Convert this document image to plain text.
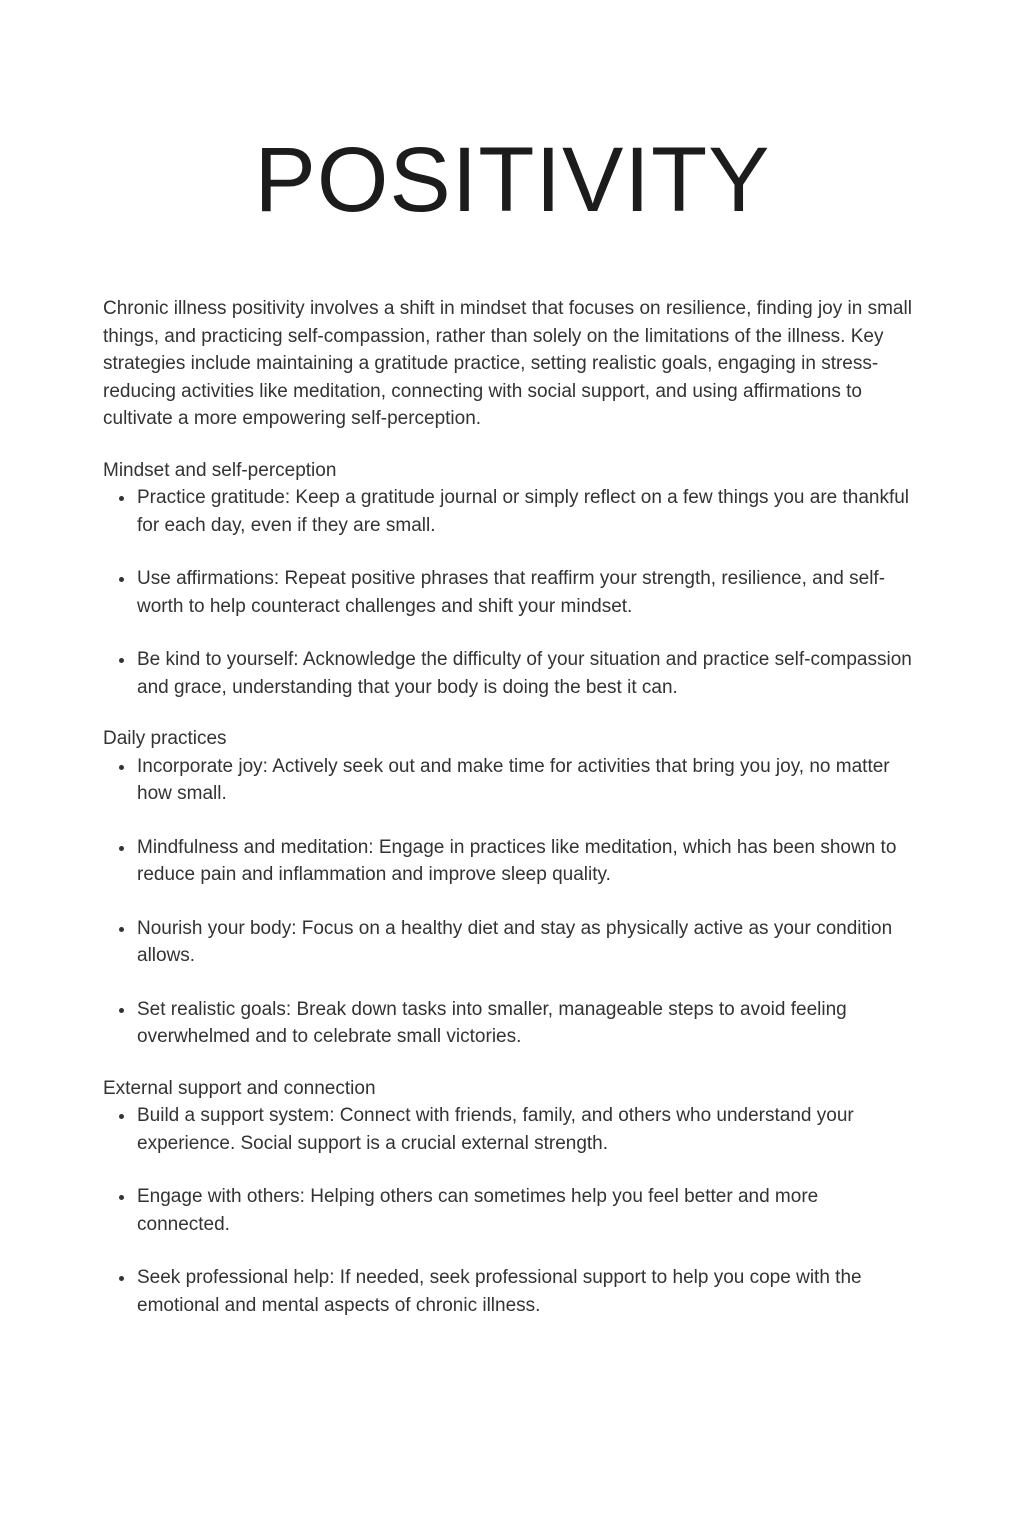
POSITIVITY

Chronic illness positivity involves a shift in mindset that focuses on resilience, finding joy in small things, and practicing self-compassion, rather than solely on the limitations of the illness. Key strategies include maintaining a gratitude practice, setting realistic goals, engaging in stress-reducing activities like meditation, connecting with social support, and using affirmations to cultivate a more empowering self-perception.

Mindset and self-perception
• Practice gratitude: Keep a gratitude journal or simply reflect on a few things you are thankful for each day, even if they are small.
• Use affirmations: Repeat positive phrases that reaffirm your strength, resilience, and self-worth to help counteract challenges and shift your mindset.
• Be kind to yourself: Acknowledge the difficulty of your situation and practice self-compassion and grace, understanding that your body is doing the best it can.
Daily practices
• Incorporate joy: Actively seek out and make time for activities that bring you joy, no matter how small.
• Mindfulness and meditation: Engage in practices like meditation, which has been shown to reduce pain and inflammation and improve sleep quality.
• Nourish your body: Focus on a healthy diet and stay as physically active as your condition allows.
• Set realistic goals: Break down tasks into smaller, manageable steps to avoid feeling overwhelmed and to celebrate small victories.
External support and connection
• Build a support system: Connect with friends, family, and others who understand your experience. Social support is a crucial external strength.
• Engage with others: Helping others can sometimes help you feel better and more connected.
• Seek professional help: If needed, seek professional support to help you cope with the emotional and mental aspects of chronic illness.
